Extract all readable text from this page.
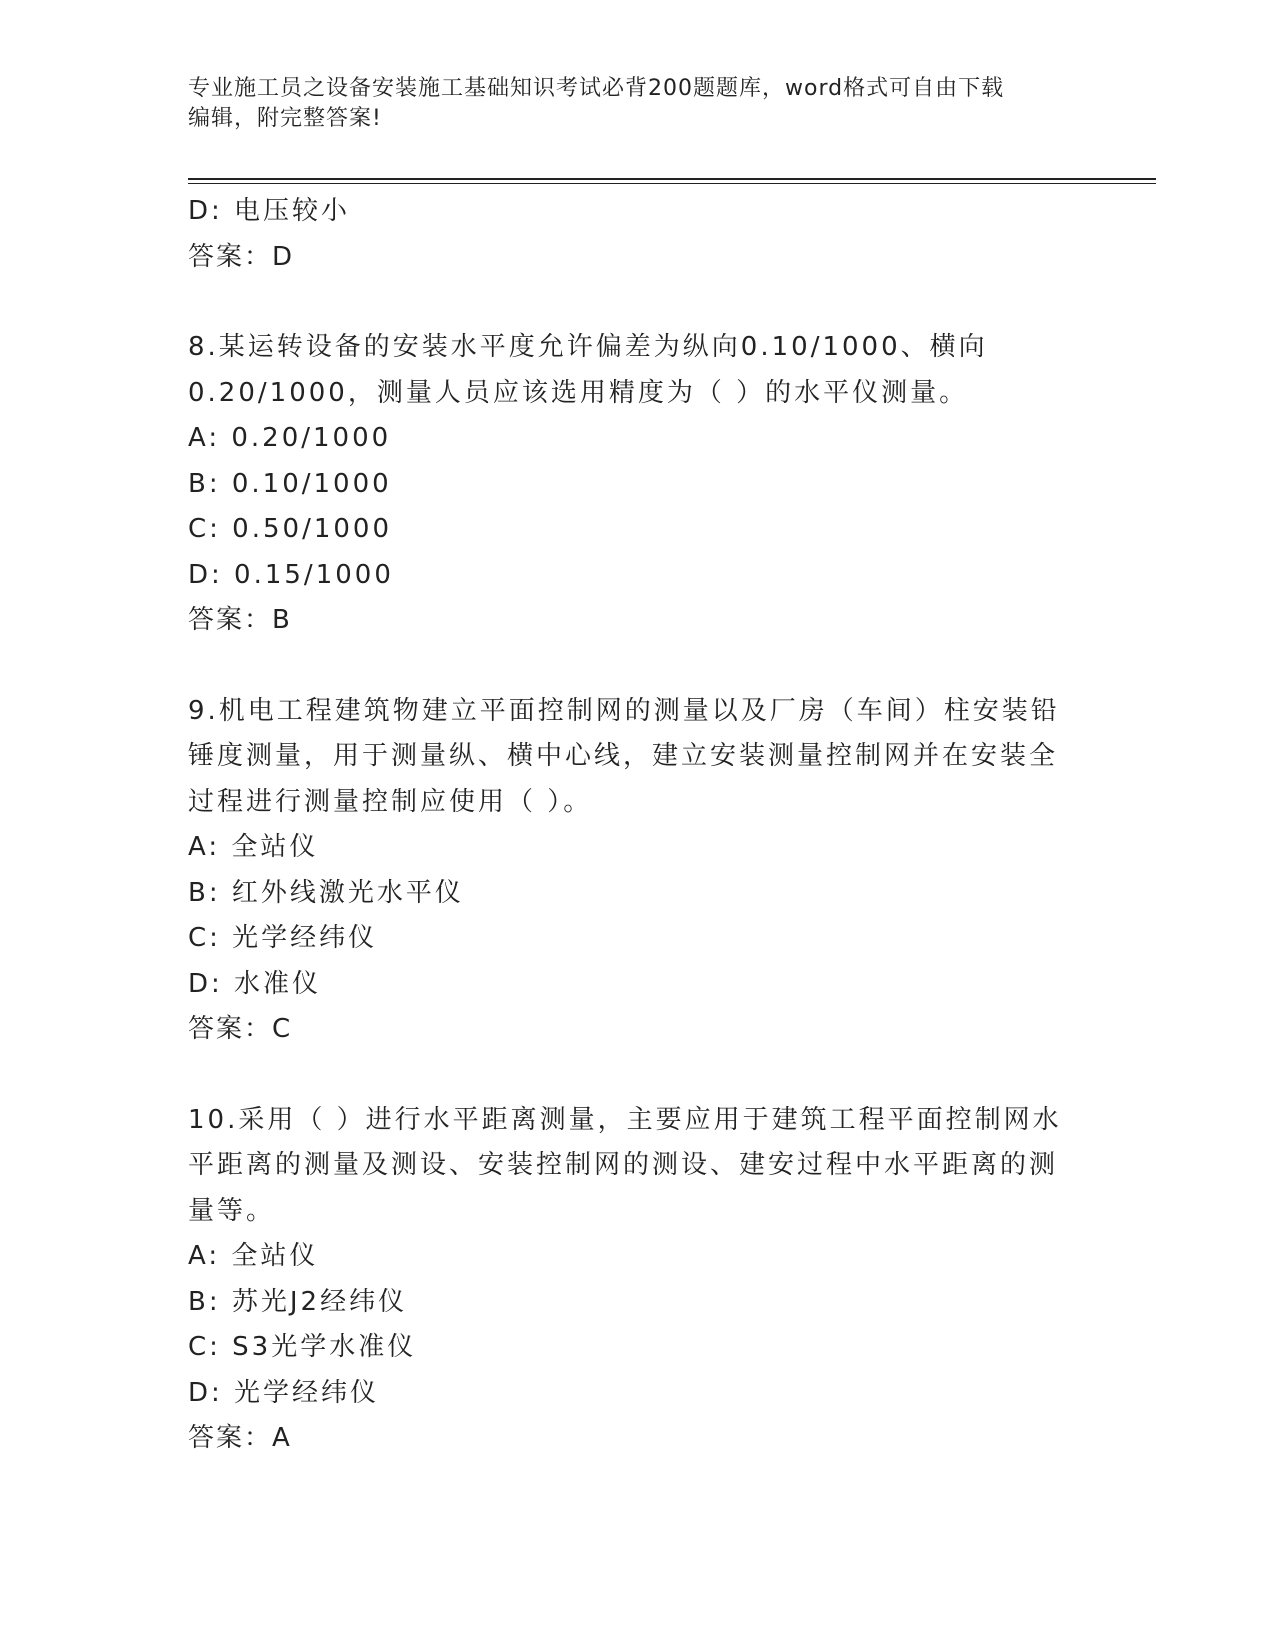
专业施工员之设备安装施工基础知识考试必背200题题库，word格式可自由下载
编辑，附完整答案!
D: 电压较小
答案：D
8.某运转设备的安装水平度允许偏差为纵向0.10/1000、横向
0.20/1000，测量人员应该选用精度为（ ）的水平仪测量。
A: 0.20/1000
B: 0.10/1000
C: 0.50/1000
D: 0.15/1000
答案：B
9.机电工程建筑物建立平面控制网的测量以及厂房（车间）柱安装铅
锤度测量，用于测量纵、横中心线，建立安装测量控制网并在安装全
过程进行测量控制应使用（ ）。
A: 全站仪
B: 红外线激光水平仪
C: 光学经纬仪
D: 水准仪
答案：C
10.采用（ ）进行水平距离测量，主要应用于建筑工程平面控制网水
平距离的测量及测设、安装控制网的测设、建安过程中水平距离的测
量等。
A: 全站仪
B: 苏光J2经纬仪
C: S3光学水准仪
D: 光学经纬仪
答案：A
